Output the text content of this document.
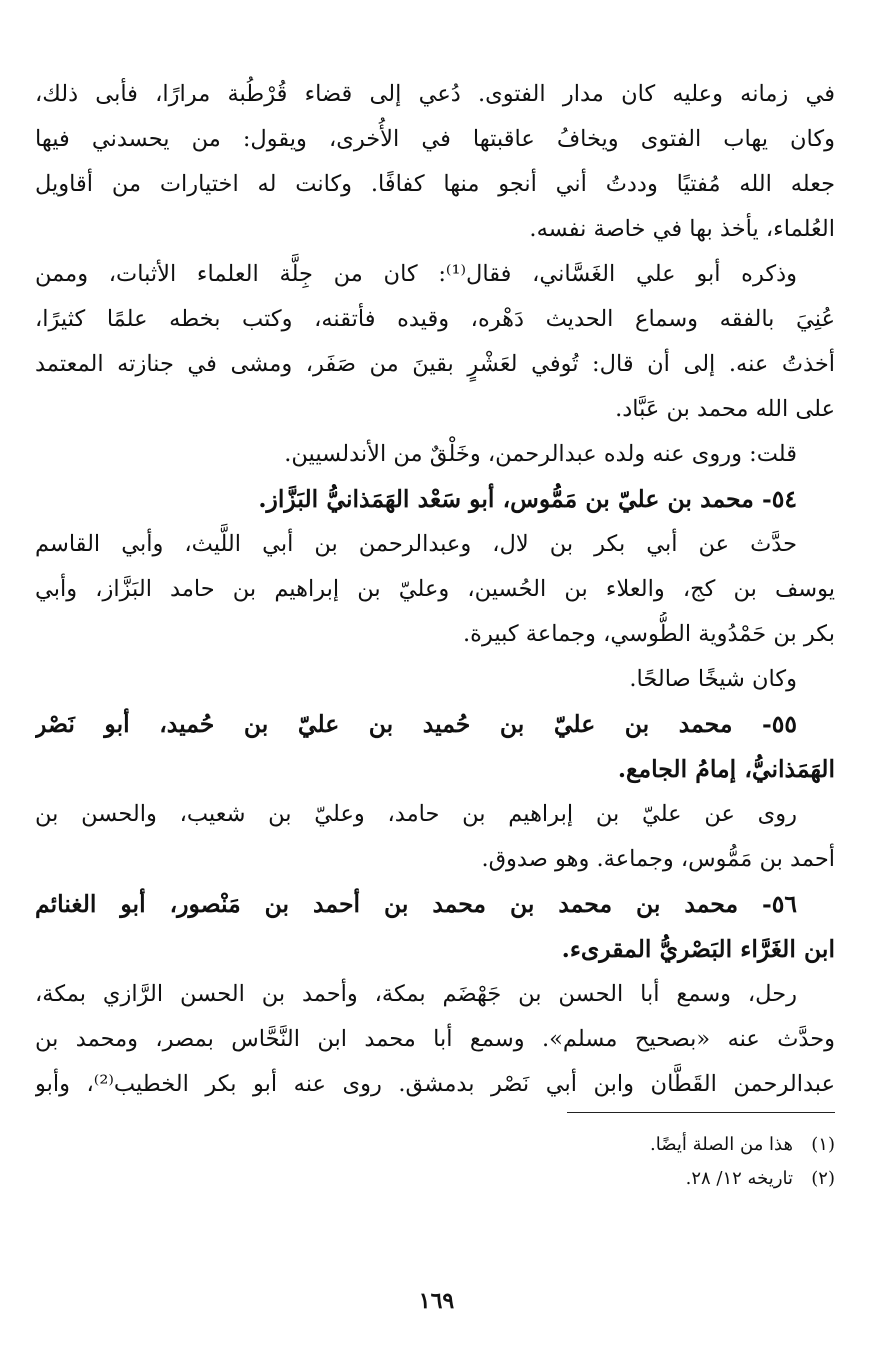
في زمانه وعليه كان مدار الفتوى. دُعي إلى قضاء قُرْطُبة مرارًا، فأبى ذلك،
وكان يهاب الفتوى ويخافُ عاقبتها في الأُخرى، ويقول: من يحسدني فيها
جعله الله مُفتيًا وددتُ أني أنجو منها كفافًا. وكانت له اختيارات من أقاويل
العُلماء، يأخذ بها في خاصة نفسه.
وذكره أبو علي الغَسَّاني، فقال⁽¹⁾: كان من جِلَّة العلماء الأثبات، وممن
عُنِيَ بالفقه وسماع الحديث دَهْره، وقيده فأتقنه، وكتب بخطه علمًا كثيرًا،
أخذتُ عنه. إلى أن قال: تُوفي لعَشْرٍ بقينَ من صَفَر، ومشى في جنازته المعتمد
على الله محمد بن عَبَّاد.
قلت: وروى عنه ولده عبدالرحمن، وخَلْقٌ من الأندلسيين.
٥٤- محمد بن عليّ بن مَمُّوس، أبو سَعْد الهَمَذانيُّ البَزَّاز.
حدَّث عن أبي بكر بن لال، وعبدالرحمن بن أبي اللَّيث، وأبي القاسم
يوسف بن كج، والعلاء بن الحُسين، وعليّ بن إبراهيم بن حامد البَزَّاز، وأبي
بكر بن حَمْدُوية الطُّوسي، وجماعة كبيرة.
وكان شيخًا صالحًا.
٥٥- محمد بن عليّ بن حُميد بن عليّ بن حُميد، أبو نَصْر
الهَمَذانيُّ، إمامُ الجامع.
روى عن عليّ بن إبراهيم بن حامد، وعليّ بن شعيب، والحسن بن
أحمد بن مَمُّوس، وجماعة. وهو صدوق.
٥٦- محمد بن محمد بن محمد بن أحمد بن مَنْصور، أبو الغنائم
ابن الغَرَّاء البَصْريُّ المقرىء.
رحل، وسمع أبا الحسن بن جَهْضَم بمكة، وأحمد بن الحسن الرَّازي بمكة،
وحدَّث عنه «بصحيح مسلم». وسمع أبا محمد ابن النَّحَّاس بمصر، ومحمد بن
عبدالرحمن القَطَّان وابن أبي نَصْر بدمشق. روى عنه أبو بكر الخطيب⁽²⁾، وأبو
(١)هذا من الصلة أيضًا.
(٢)تاريخه ١٢/ ٢٨.
١٦٩
